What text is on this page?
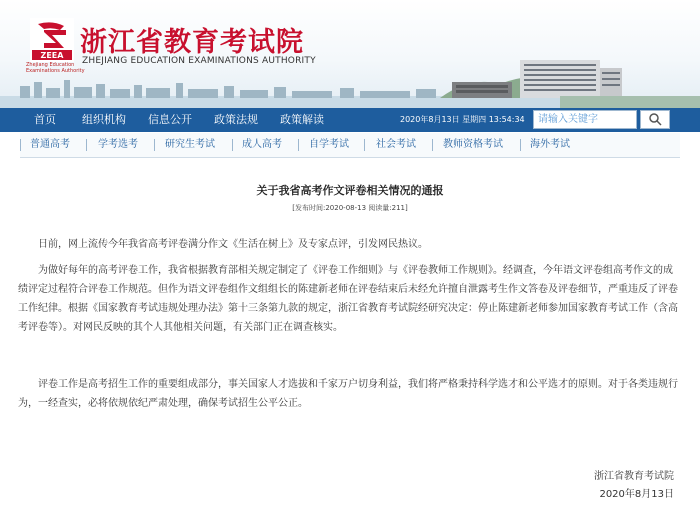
ZEEA
Zhejiang Education Examinations Authority
浙江省教育考试院
ZHEJIANG EDUCATION EXAMINATIONS AUTHORITY
首页 组织机构 信息公开 政策法规 政策解读	2020年8月13日 星期四 13:54:34
请输入关键字
普通高考	学考选考	研究生考试	成人高考	自学考试	社会考试	教师资格考试	海外考试
关于我省高考作文评卷相关情况的通报
[发布时间:2020-08-13 阅读量:211]

日前，网上流传今年我省高考评卷满分作文《生活在树上》及专家点评，引发网民热议。

为做好每年的高考评卷工作，我省根据教育部相关规定制定了《评卷工作细则》与《评卷教师工作规则》。经调查，今年语文评卷组高考作文的成绩评定过程符合评卷工作规范。但作为语文评卷组作文组组长的陈建新老师在评卷结束后未经允许擅自泄露考生作文答卷及评卷细节，严重违反了评卷工作纪律。根据《国家教育考试违规处理办法》第十三条第九款的规定，浙江省教育考试院经研究决定：停止陈建新老师参加国家教育考试工作（含高考评卷等）。对网民反映的其个人其他相关问题，有关部门正在调查核实。

评卷工作是高考招生工作的重要组成部分，事关国家人才选拔和千家万户切身利益，我们将严格秉持科学选才和公平选才的原则。对于各类违规行为，一经查实，必将依规依纪严肃处理，确保考试招生公平公正。

浙江省教育考试院
2020年8月13日
